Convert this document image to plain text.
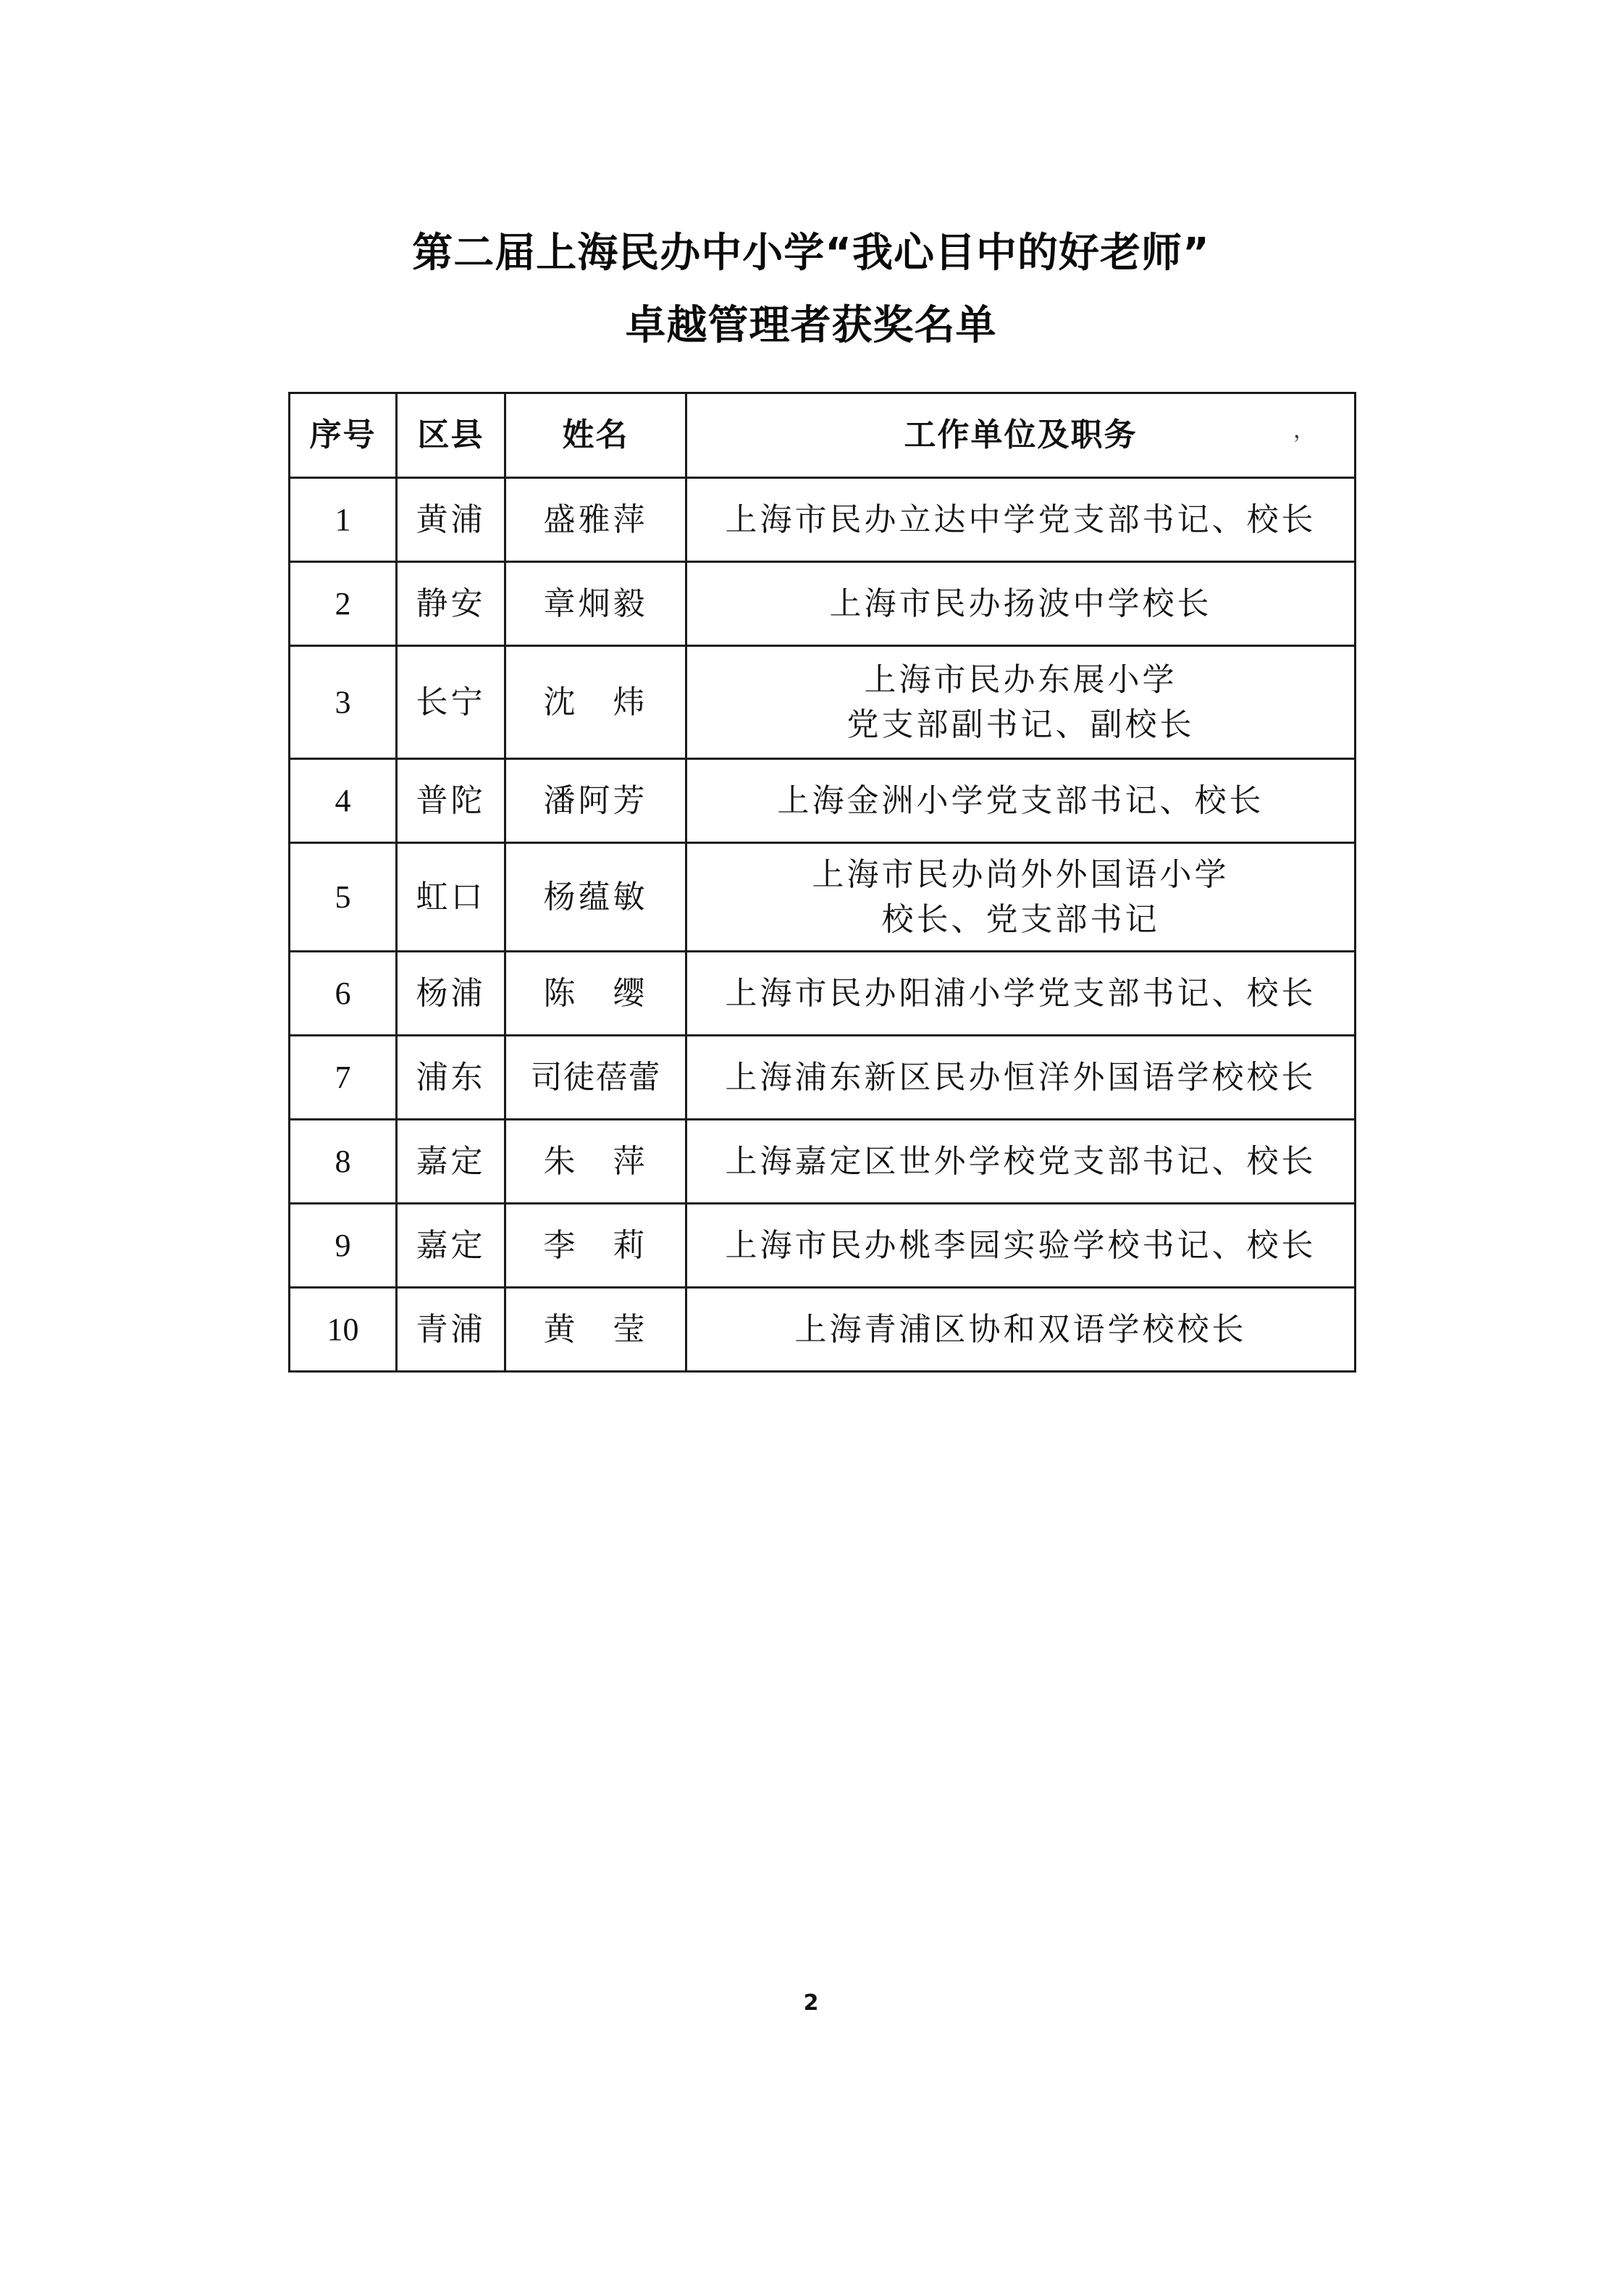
第二届上海民办中小学“我心目中的好老师”
卓越管理者获奖名单
序号	区县	姓名	工作单位及职务 ，

1	黄浦	盛雅萍	上海市民办立达中学党支部书记、校长

2	静安	章炯毅	上海市民办扬波中学校长

3	长宁	沈　炜	上海市民办东展小学
党支部副书记、副校长

4	普陀	潘阿芳	上海金洲小学党支部书记、校长

5	虹口	杨蕴敏	上海市民办尚外外国语小学
校长、党支部书记

6	杨浦	陈　缨	上海市民办阳浦小学党支部书记、校长

7	浦东	司徒蓓蕾	上海浦东新区民办恒洋外国语学校校长

8	嘉定	朱　萍	上海嘉定区世外学校党支部书记、校长

9	嘉定	李　莉	上海市民办桃李园实验学校书记、校长

10	青浦	黄　莹	上海青浦区协和双语学校校长
2
